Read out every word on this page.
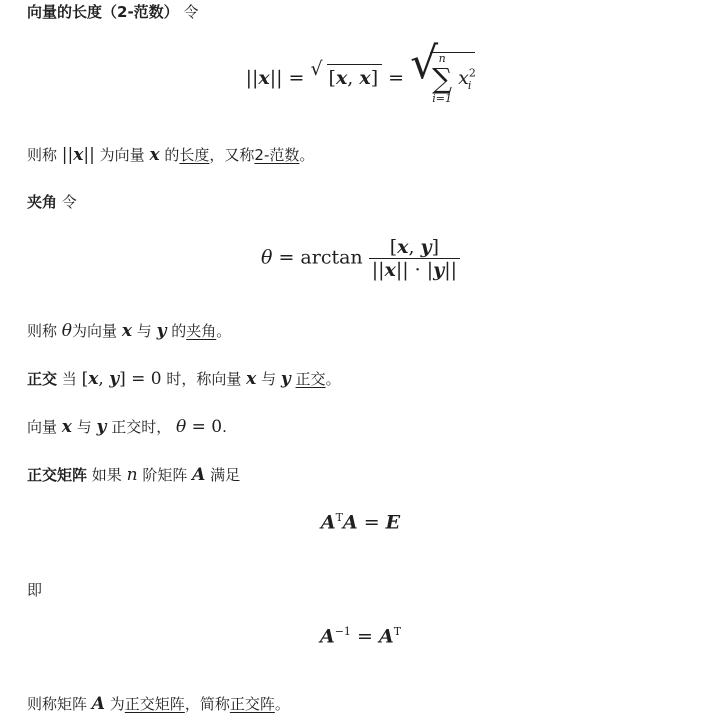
向量的长度（2-范数） 令
||x|| = √ [x, x] = √ n
∑
i=1
$x^2_i$
则称 ||x|| 为向量 x 的长度，又称2-范数。
夹角 令
$\theta = \arctan \frac{[x, y]}{||x|| \cdot |y||}$
则称 θ为向量 x 与 y 的夹角。
正交 当 [x, y] = 0 时，称向量 x 与 y 正交。
向量 x 与 y 正交时， θ = 0.
正交矩阵 如果 n 阶矩阵 A 满足
$A^TA = E$
即
$A^{-1} = A^T$
则称矩阵 A 为正交矩阵，简称正交阵。
